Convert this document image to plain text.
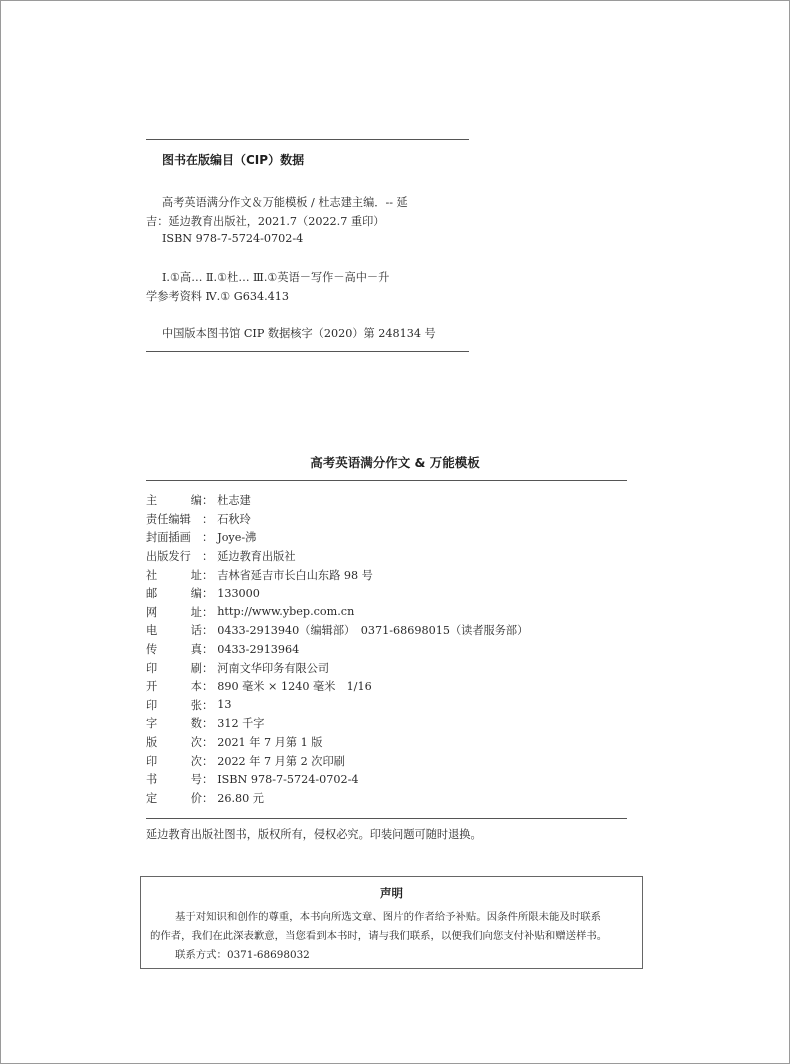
图书在版编目（CIP）数据

高考英语满分作文＆万能模板 / 杜志建主编．-- 延

吉：延边教育出版社，2021.7（2022.7 重印）

ISBN 978-7-5724-0702-4

Ⅰ.①高… Ⅱ.①杜… Ⅲ.①英语－写作－高中－升

学参考资料 Ⅳ.① G634.413

中国版本图书馆 CIP 数据核字（2020）第 248134 号

高考英语满分作文 & 万能模板
主	编 ： 杜志建
责任编辑 ： 石秋玲
封面插画 ： Joye-沸
出版发行 ： 延边教育出版社
社	址 ： 吉林省延吉市长白山东路 98 号
邮	编 ： 133000
网	址 ： http://www.ybep.com.cn
电	话 ： 0433-2913940（编辑部）　0371-68698015（读者服务部）
传	真 ： 0433-2913964
印	刷 ： 河南文华印务有限公司
开	本 ： 890 毫米 × 1240 毫米　1/16
印	张 ： 13
字	数 ： 312 千字
版	次 ： 2021 年 7 月第 1 版
印	次 ： 2022 年 7 月第 2 次印刷
书	号 ： ISBN 978-7-5724-0702-4
定	价 ： 26.80 元

延边教育出版社图书，版权所有，侵权必究。印装问题可随时退换。

声明

基于对知识和创作的尊重，本书向所选文章、图片的作者给予补贴。因条件所限未能及时联系

的作者，我们在此深表歉意，当您看到本书时，请与我们联系，以便我们向您支付补贴和赠送样书。

联系方式：0371-68698032
